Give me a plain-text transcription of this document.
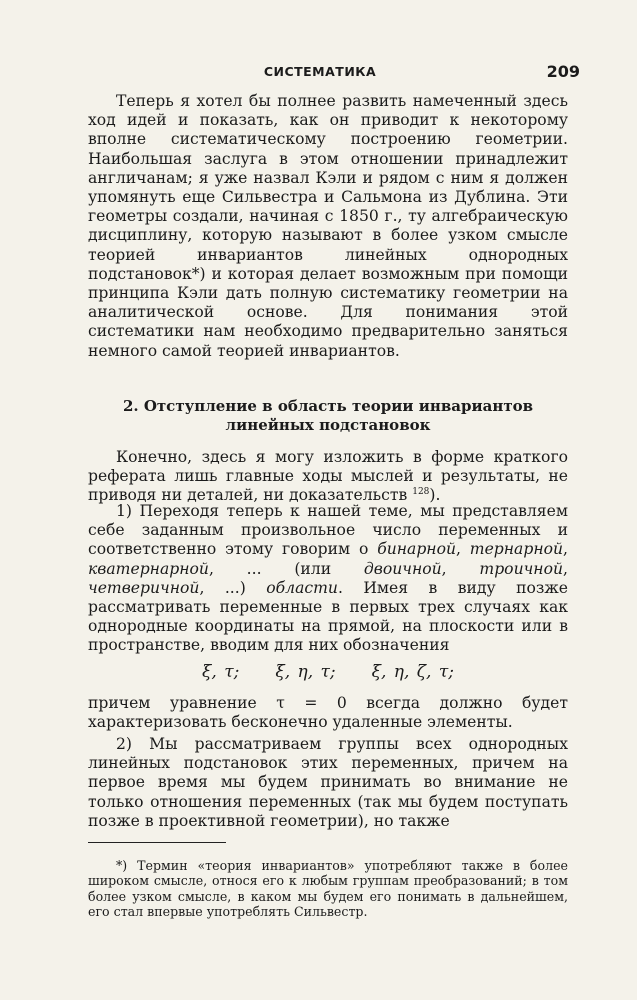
СИСТЕМАТИКА	209

Теперь я хотел бы полнее развить намеченный здесь ход идей и показать, как он приводит к некоторому вполне систематическому построению геометрии. Наибольшая заслуга в этом отношении принадлежит англичанам; я уже назвал Кэли и рядом с ним я должен упомянуть еще Сильвестра и Сальмона из Дублина. Эти геометры создали, начиная с 1850 г., ту алгебраическую дисциплину, которую называют в более узком смысле теорией инвариантов линейных однородных подстановок*) и которая делает возможным при помощи принципа Кэли дать полную систематику геометрии на аналитической основе. Для понимания этой систематики нам необходимо предварительно заняться немного самой теорией инвариантов.

2. Отступление в область теории инвариантов
линейных подстановок

Конечно, здесь я могу изложить в форме краткого реферата лишь главные ходы мыслей и результаты, не приводя ни деталей, ни доказательств $^{128}$).

1) Переходя теперь к нашей теме, мы представляем себе заданным произвольное число переменных и соответственно этому говорим о бинарной, тернарной, кватернарной, ... (или двоичной, троичной, четверичной, ...) области. Имея в виду позже рассматривать переменные в первых трех случаях как однородные координаты на прямой, на плоскости или в пространстве, вводим для них обозначения

ξ, τ; ξ, η, τ; ξ, η, ζ, τ;

причем уравнение τ = 0 всегда должно будет характеризовать бесконечно удаленные элементы.

2) Мы рассматриваем группы всех однородных линейных подстановок этих переменных, причем на первое время мы будем принимать во внимание не только отношения переменных (так мы будем поступать позже в проективной геометрии), но также

*) Термин «теория инвариантов» употребляют также в более широком смысле, относя его к любым группам преобразований; в том более узком смысле, в каком мы будем его понимать в дальнейшем, его стал впервые употреблять Сильвестр.
